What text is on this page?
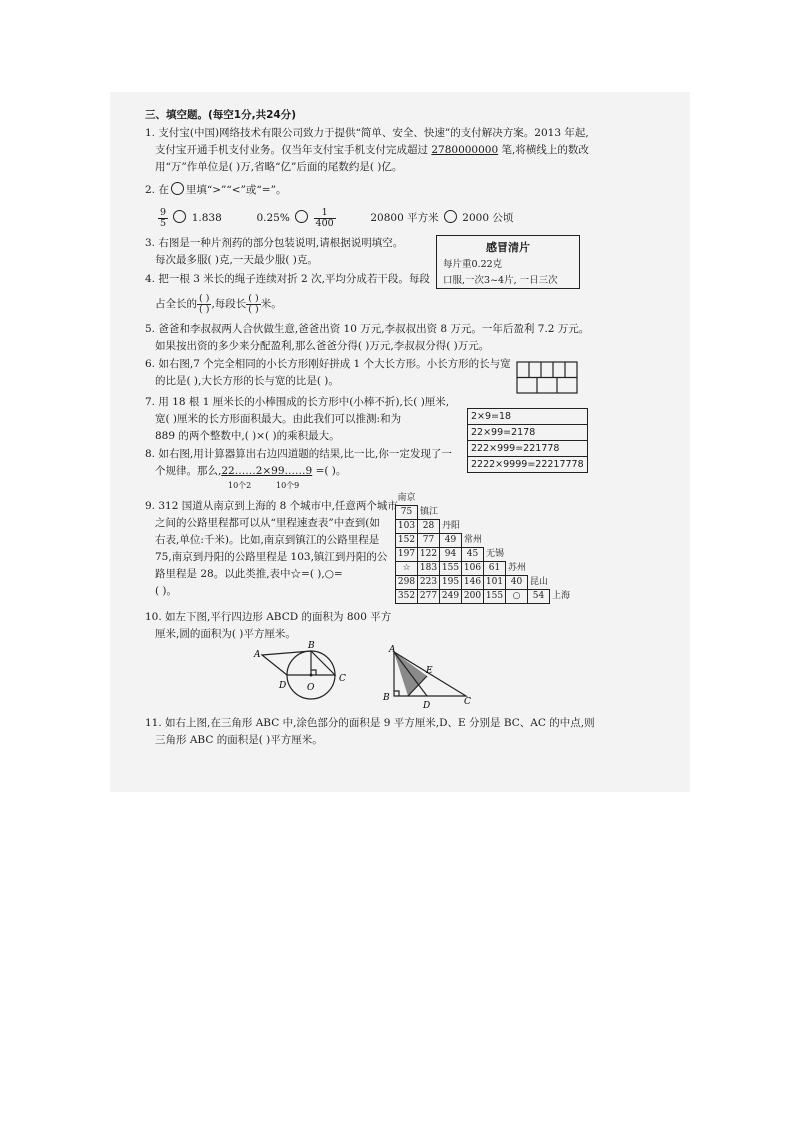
三、填空题。(每空1分,共24分)
1. 支付宝(中国)网络技术有限公司致力于提供“简单、安全、快速”的支付解决方案。2013 年起,
支付宝开通手机支付业务。仅当年支付宝手机支付完成超过 2780000000 笔,将横线上的数改
用“万”作单位是( )万,省略“亿”后面的尾数约是( )亿。
2. 在 里填“>”“<”或“=”。
$\frac{9}{5} 1.838$	$0.25\% \frac{1}{400}$	20800 平方米 2000 公顷
3. 右图是一种片剂药的部分包装说明,请根据说明填空。
每次最多服( )克,一天最少服( )克。
感冒清片
每片重0.22克
口服,一次3~4片, 一日三次
4. 把一根 3 米长的绳子连续对折 2 次,平均分成若干段。每段
占全长的 $\frac{( )}{( )}$ ,每段长 $\frac{( )}{( )}$ 米。
5. 爸爸和李叔叔两人合伙做生意,爸爸出资 10 万元,李叔叔出资 8 万元。一年后盈利 7.2 万元。
如果按出资的多少来分配盈利,那么爸爸分得( )万元,李叔叔分得( )万元。
6. 如右图,7 个完全相同的小长方形刚好拼成 1 个大长方形。小长方形的长与宽
的比是( ),大长方形的长与宽的比是( )。
7. 用 18 根 1 厘米长的小棒围成的长方形中(小棒不折),长( )厘米,
宽( )厘米的长方形面积最大。由此我们可以推测:和为
889 的两个整数中,( )×( )的乘积最大。
2×9=18
22×99=2178
222×999=221778
2222×9999=22217778
8. 如右图,用计算器算出右边四道题的结果,比一比,你一定发现了一
个规律。那么,22……2×99……9 =( )。
10个2	10个9
9. 312 国道从南京到上海的 8 个城市中,任意两个城市
之间的公路里程都可以从“里程速查表”中查到(如
右表,单位:千米)。比如,南京到镇江的公路里程是
75,南京到丹阳的公路里程是 103,镇江到丹阳的公
路里程是 28。以此类推,表中☆=( ),○=
( )。
南京							
75	镇江						
103	28	丹阳					
152	77	49	常州				
197	122	94	45	无锡			
☆	183	155	106	61	苏州		
298	223	195	146	101	40	昆山	
352	277	249	200	155	○	54	上海
10. 如左下图,平行四边形 ABCD 的面积为 800 平方
厘米,圆的面积为( )平方厘米。
A
B
C
D O
A
B
D
E
C
11. 如右上图,在三角形 ABC 中,涂色部分的面积是 9 平方厘米,D、E 分别是 BC、AC 的中点,则
三角形 ABC 的面积是( )平方厘米。
